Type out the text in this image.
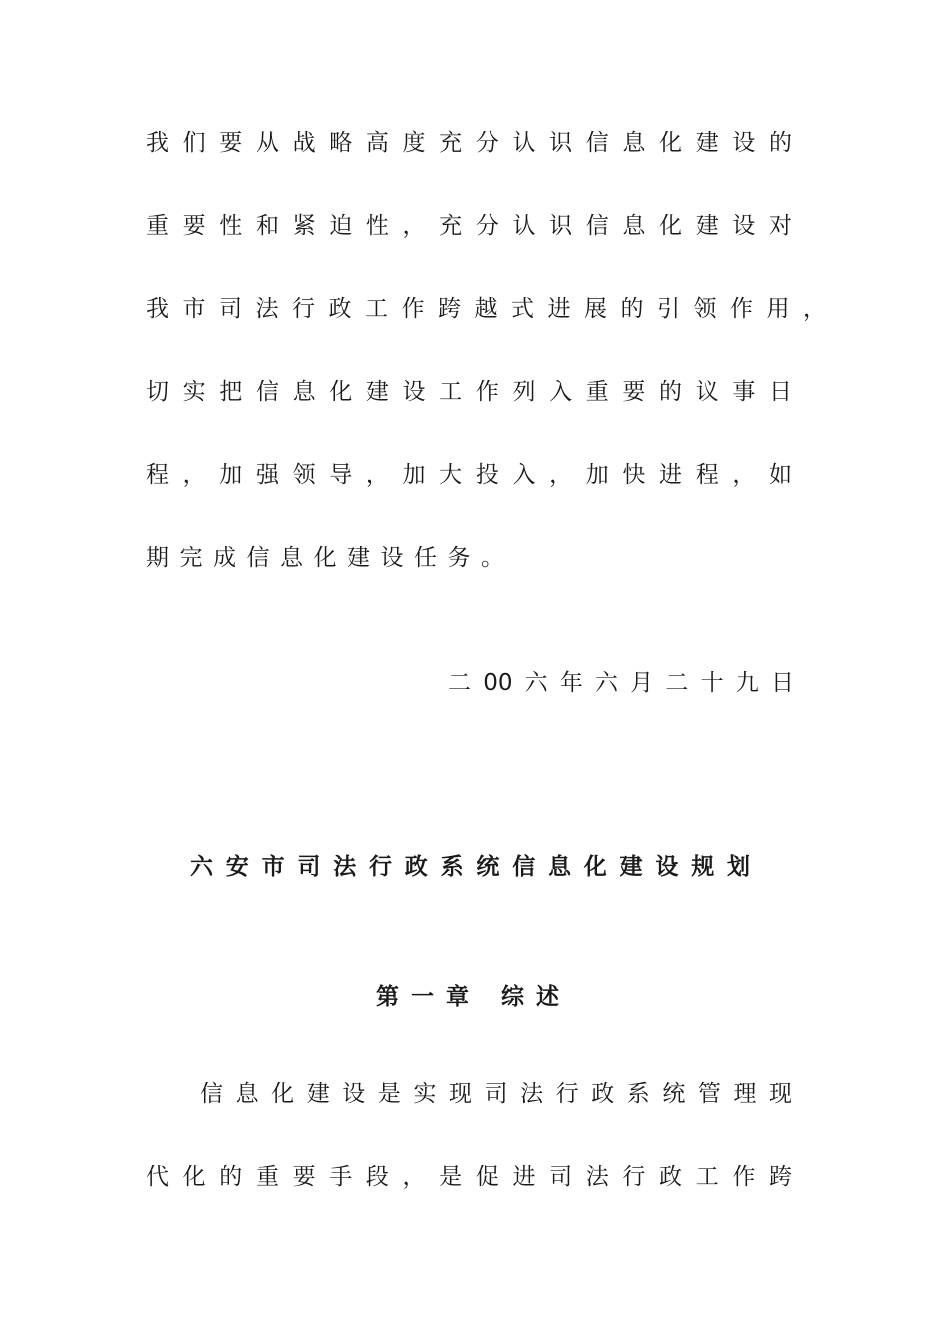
我们要从战略高度充分认识信息化建设的
重要性和紧迫性，充分认识信息化建设对
我市司法行政工作跨越式进展的引领作用，
切实把信息化建设工作列入重要的议事日
程，加强领导，加大投入，加快进程，如
期完成信息化建设任务。
二00六年六月二十九日
六安市司法行政系统信息化建设规划
第一章 综述
信息化建设是实现司法行政系统管理现
代化的重要手段，是促进司法行政工作跨
